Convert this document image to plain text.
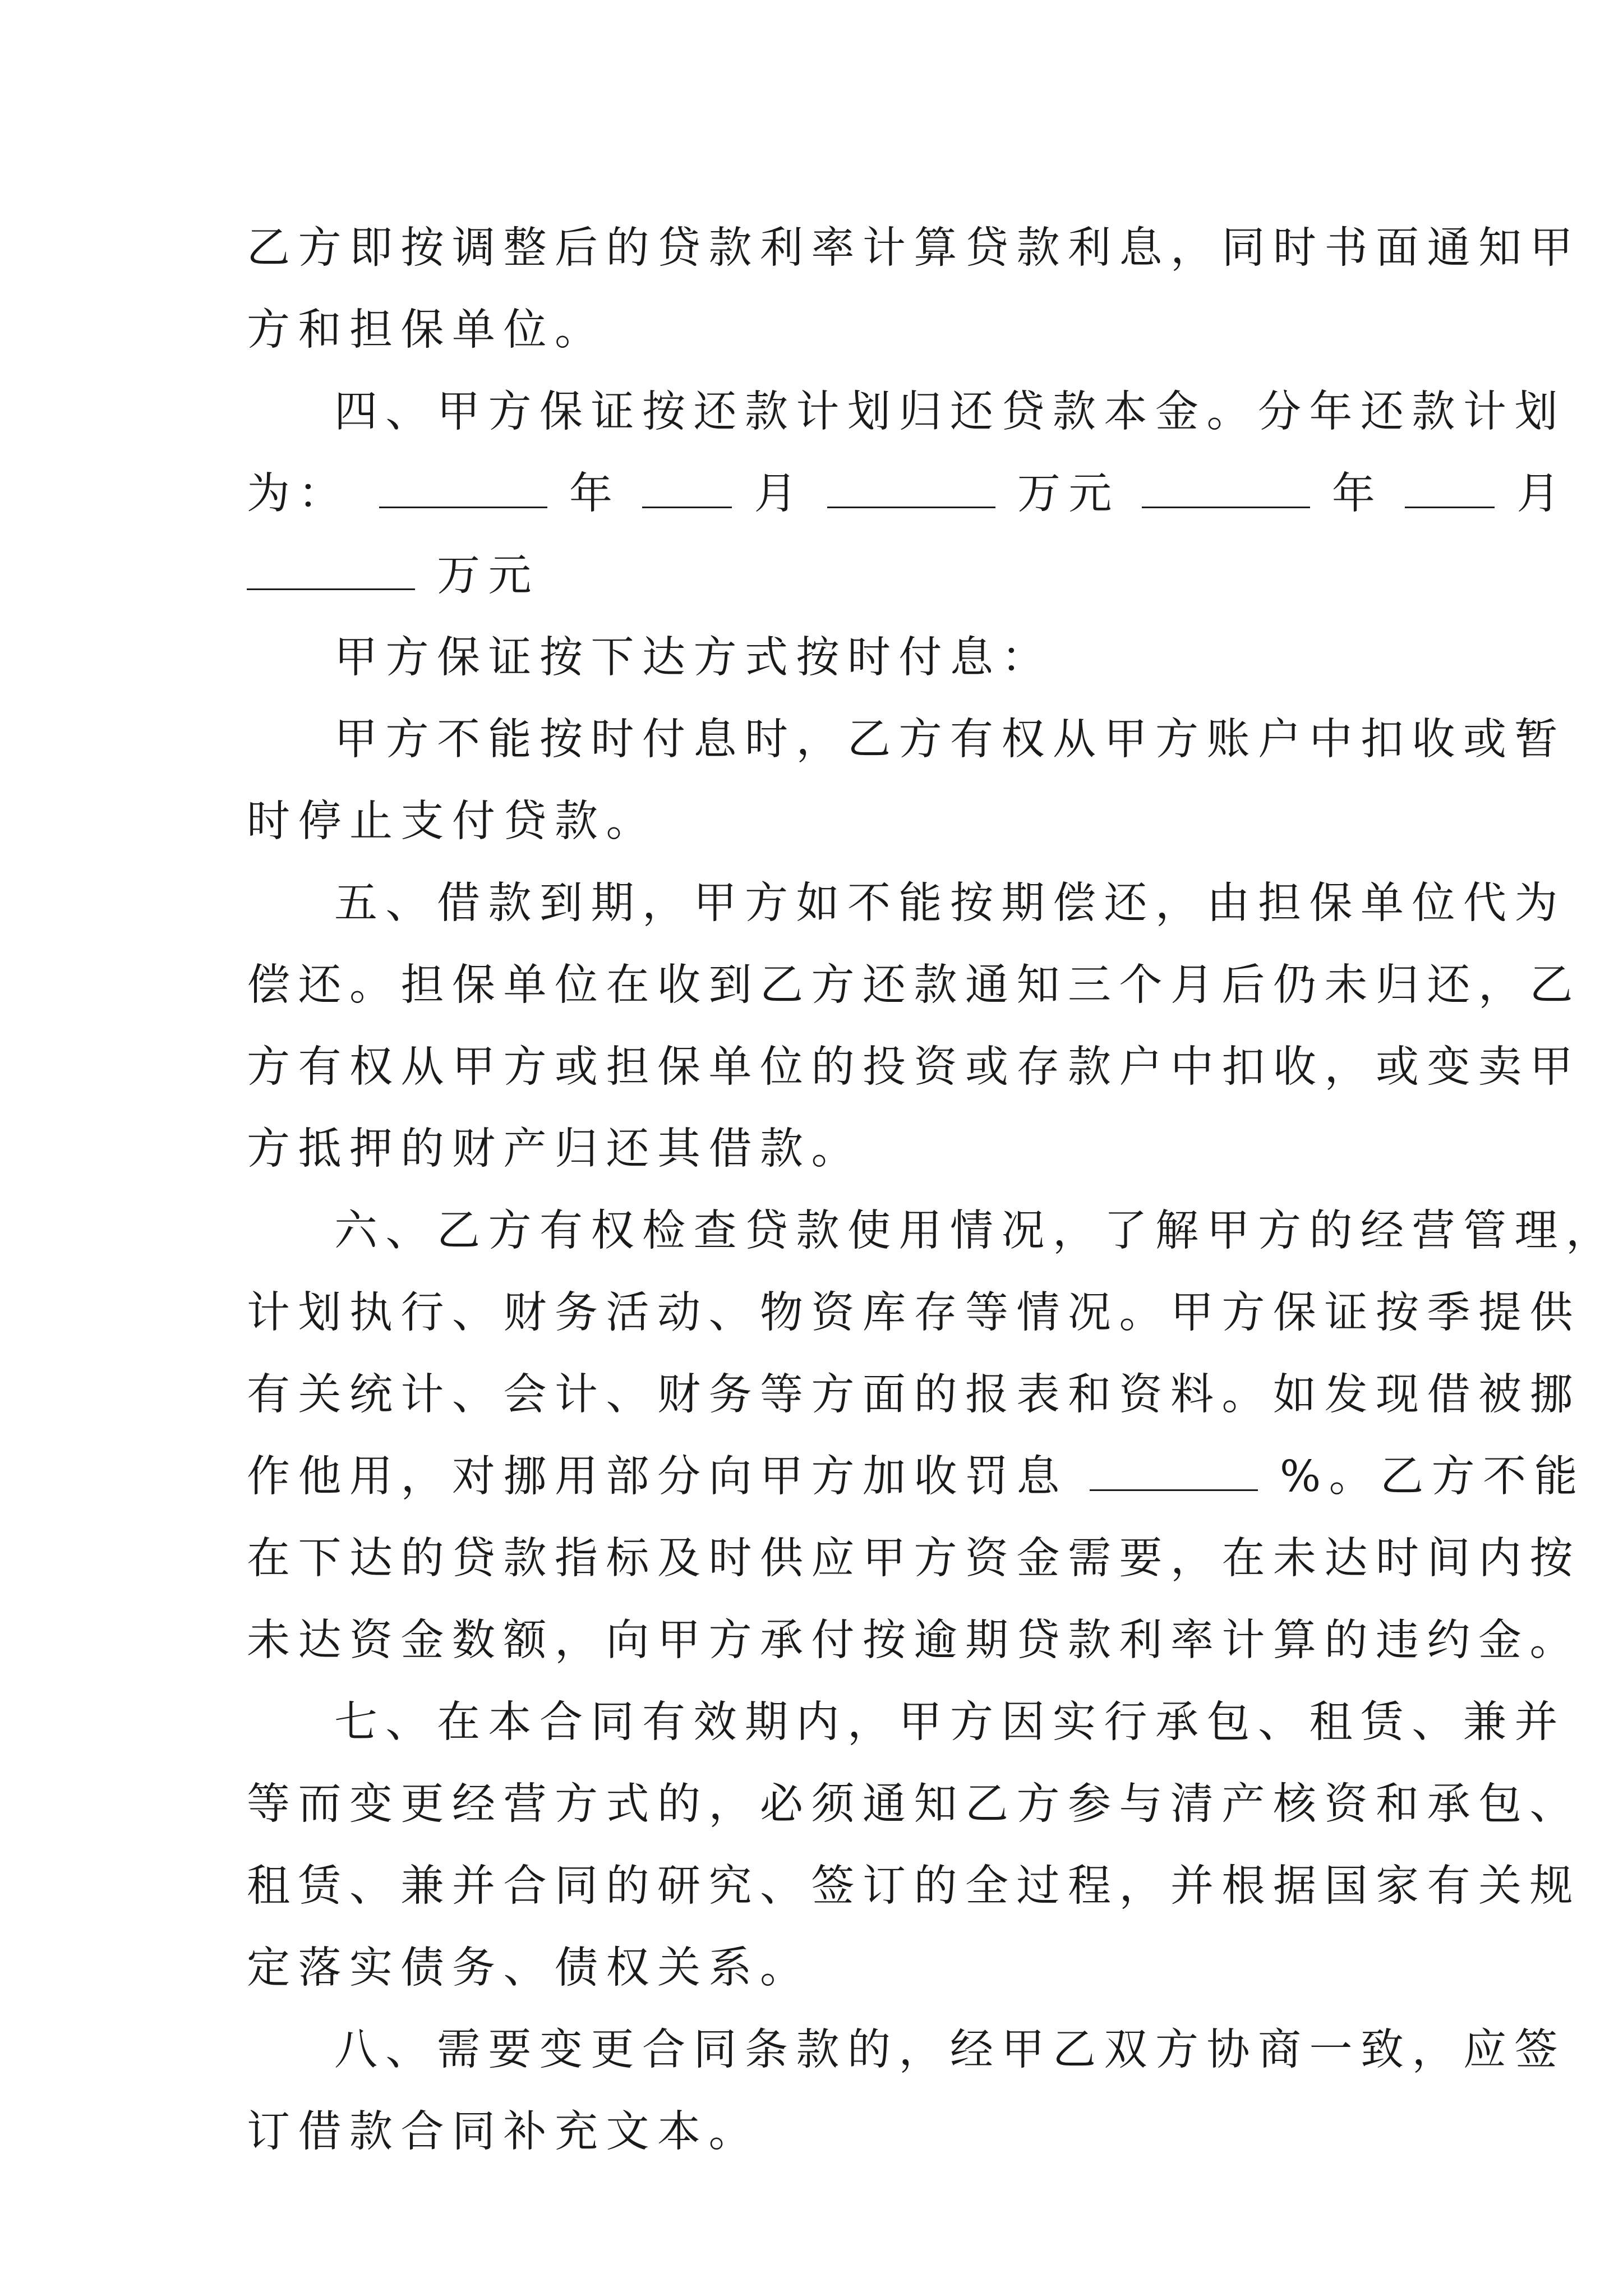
乙方即按调整后的贷款利率计算贷款利息，同时书面通知甲
方和担保单位。
四、甲方保证按还款计划归还贷款本金。分年还款计划
为：	年	月	万元	年	月
万元
甲方保证按下达方式按时付息：
甲方不能按时付息时，乙方有权从甲方账户中扣收或暂
时停止支付贷款。
五、借款到期，甲方如不能按期偿还，由担保单位代为
偿还。担保单位在收到乙方还款通知三个月后仍未归还，乙
方有权从甲方或担保单位的投资或存款户中扣收，或变卖甲
方抵押的财产归还其借款。
六、乙方有权检查贷款使用情况，了解甲方的经营管理，
计划执行、财务活动、物资库存等情况。甲方保证按季提供
有关统计、会计、财务等方面的报表和资料。如发现借被挪
作他用，对挪用部分向甲方加收罚息	%。乙方不能
在下达的贷款指标及时供应甲方资金需要，在未达时间内按
未达资金数额，向甲方承付按逾期贷款利率计算的违约金。
七、在本合同有效期内，甲方因实行承包、租赁、兼并
等而变更经营方式的，必须通知乙方参与清产核资和承包、
租赁、兼并合同的研究、签订的全过程，并根据国家有关规
定落实债务、债权关系。
八、需要变更合同条款的，经甲乙双方协商一致，应签
订借款合同补充文本。
